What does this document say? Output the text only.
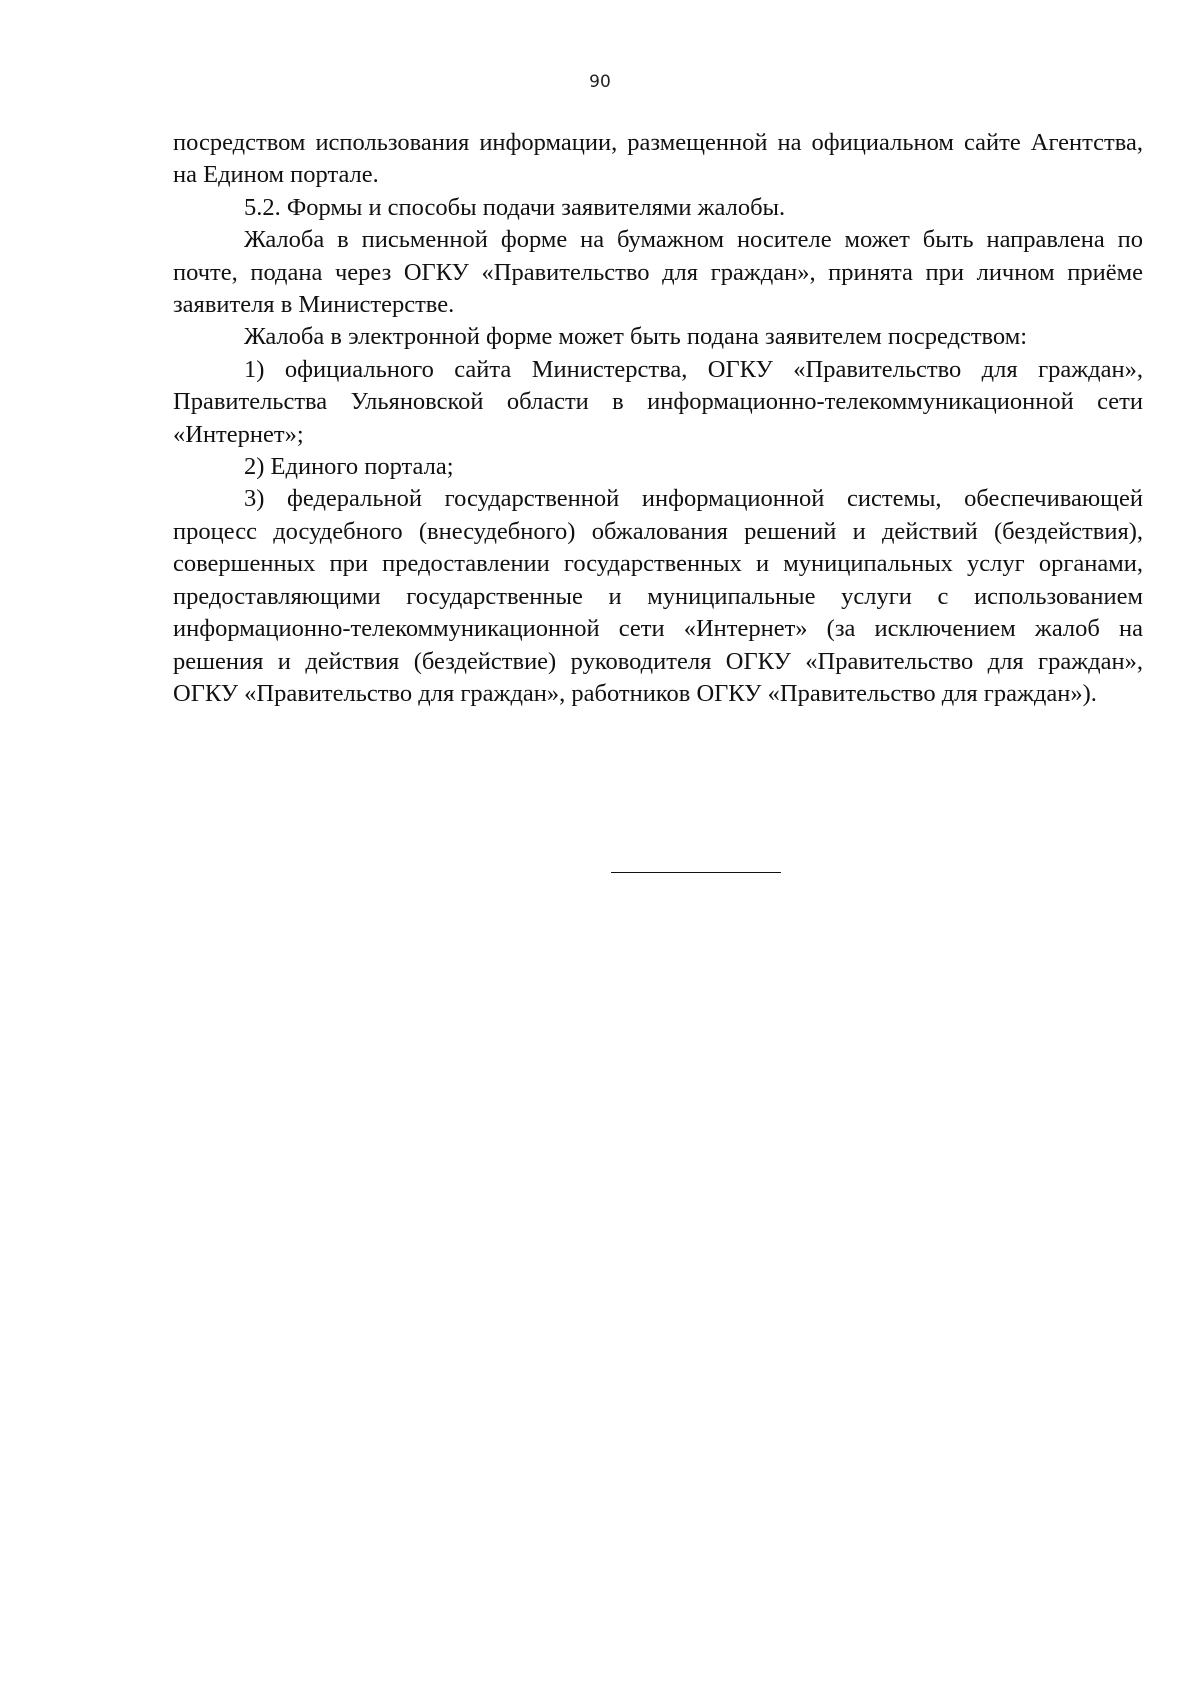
90

посредством использования информации, размещенной на официальном сайте Агентства, на Едином портале.

5.2. Формы и способы подачи заявителями жалобы.

Жалоба в письменной форме на бумажном носителе может быть направлена по почте, подана через ОГКУ «Правительство для граждан», принята при личном приёме заявителя в Министерстве.

Жалоба в электронной форме может быть подана заявителем посредством:

1) официального сайта Министерства, ОГКУ «Правительство для граждан», Правительства Ульяновской области в информационно-телекоммуникационной сети «Интернет»;

2) Единого портала;

3) федеральной государственной информационной системы, обеспечивающей процесс досудебного (внесудебного) обжалования решений и действий (бездействия), совершенных при предоставлении государственных и муниципальных услуг органами, предоставляющими государственные и муниципальные услуги с использованием информационно-телекоммуникационной сети «Интернет» (за исключением жалоб на решения и действия (бездействие) руководителя ОГКУ «Правительство для граждан», ОГКУ «Правительство для граждан», работников ОГКУ «Правительство для граждан»).
